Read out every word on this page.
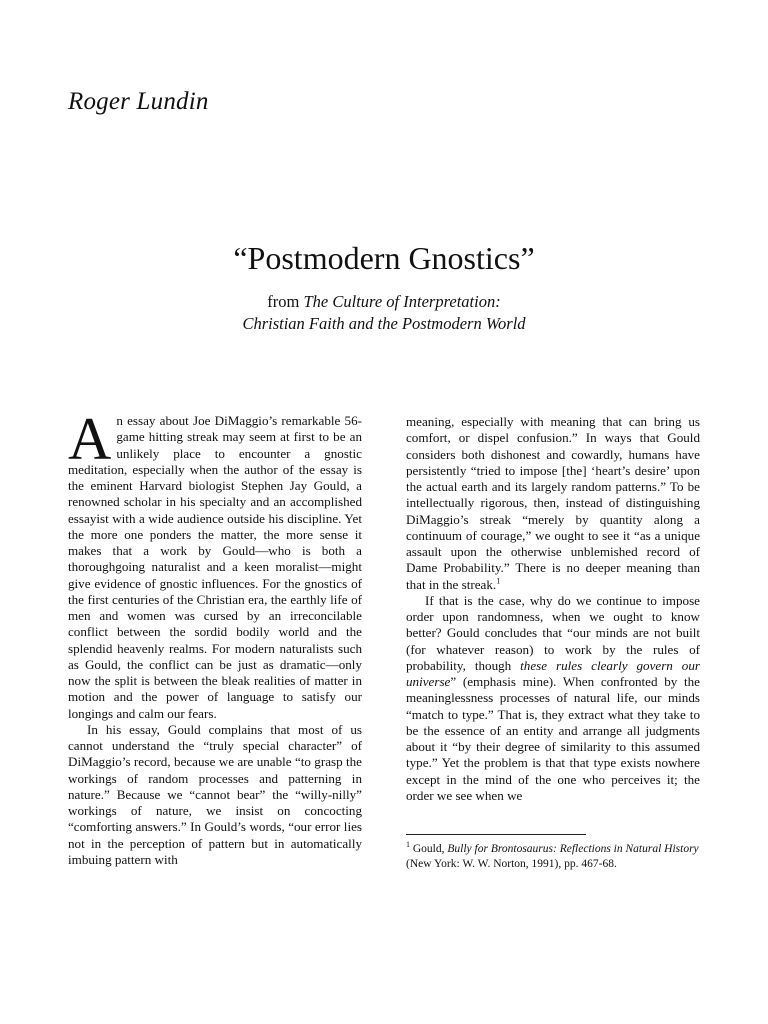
Roger Lundin
“Postmodern Gnostics”
from The Culture of Interpretation:
Christian Faith and the Postmodern World

An essay about Joe DiMaggio’s remarkable 56-game hitting streak may seem at first to be an unlikely place to encounter a gnostic meditation, especially when the author of the essay is the eminent Harvard biologist Stephen Jay Gould, a renowned scholar in his specialty and an accomplished essayist with a wide audience outside his discipline. Yet the more one ponders the matter, the more sense it makes that a work by Gould—who is both a thoroughgoing naturalist and a keen moralist—might give evidence of gnostic influences. For the gnostics of the first centuries of the Christian era, the earthly life of men and women was cursed by an irreconcilable conflict between the sordid bodily world and the splendid heavenly realms. For modern naturalists such as Gould, the conflict can be just as dramatic—only now the split is between the bleak realities of matter in motion and the power of language to satisfy our longings and calm our fears.

In his essay, Gould complains that most of us cannot understand the “truly special character” of DiMaggio’s record, because we are unable “to grasp the workings of random processes and patterning in nature.” Because we “cannot bear” the “willy-nilly” workings of nature, we insist on concocting “comforting answers.” In Gould’s words, “our error lies not in the perception of pattern but in automatically imbuing pattern with

meaning, especially with meaning that can bring us comfort, or dispel confusion.” In ways that Gould considers both dishonest and cowardly, humans have persistently “tried to impose [the] ‘heart’s desire’ upon the actual earth and its largely random patterns.” To be intellectually rigorous, then, instead of distinguishing DiMaggio’s streak “merely by quantity along a continuum of courage,” we ought to see it “as a unique assault upon the otherwise unblemished record of Dame Probability.” There is no deeper meaning than that in the streak.$^1$

If that is the case, why do we continue to impose order upon randomness, when we ought to know better? Gould concludes that “our minds are not built (for whatever reason) to work by the rules of probability, though these rules clearly govern our universe” (emphasis mine). When confronted by the meaninglessness processes of natural life, our minds “match to type.” That is, they extract what they take to be the essence of an entity and arrange all judgments about it “by their degree of similarity to this assumed type.” Yet the problem is that that type exists nowhere except in the mind of the one who perceives it; the order we see when we

$^1$ Gould, Bully for Brontosaurus: Reflections in Natural History (New York: W. W. Norton, 1991), pp. 467-68.
